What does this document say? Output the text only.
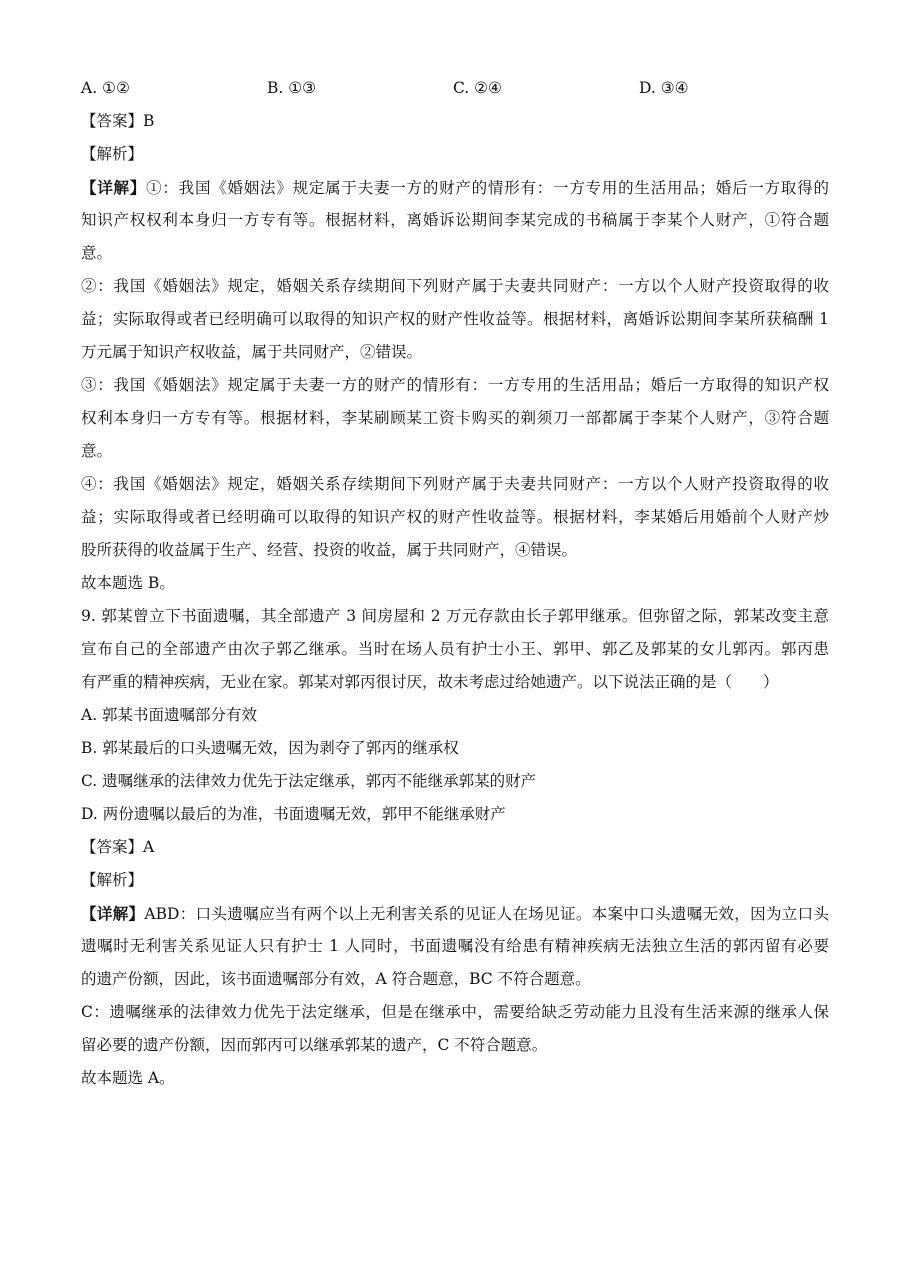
A. ①②	B. ①③	C. ②④	D. ③④
【答案】B
【解析】
【详解】①：我国《婚姻法》规定属于夫妻一方的财产的情形有：一方专用的生活用品；婚后一方取得的
知识产权权利本身归一方专有等。根据材料，离婚诉讼期间李某完成的书稿属于李某个人财产，①符合题
意。
②：我国《婚姻法》规定，婚姻关系存续期间下列财产属于夫妻共同财产：一方以个人财产投资取得的收
益；实际取得或者已经明确可以取得的知识产权的财产性收益等。根据材料，离婚诉讼期间李某所获稿酬 1
万元属于知识产权收益，属于共同财产，②错误。
③：我国《婚姻法》规定属于夫妻一方的财产的情形有：一方专用的生活用品；婚后一方取得的知识产权
权利本身归一方专有等。根据材料，李某刷顾某工资卡购买的剃须刀一部都属于李某个人财产，③符合题
意。
④：我国《婚姻法》规定，婚姻关系存续期间下列财产属于夫妻共同财产：一方以个人财产投资取得的收
益；实际取得或者已经明确可以取得的知识产权的财产性收益等。根据材料，李某婚后用婚前个人财产炒
股所获得的收益属于生产、经营、投资的收益，属于共同财产，④错误。
故本题选 B。
9. 郭某曾立下书面遗嘱，其全部遗产 3 间房屋和 2 万元存款由长子郭甲继承。但弥留之际，郭某改变主意
宣布自己的全部遗产由次子郭乙继承。当时在场人员有护士小王、郭甲、郭乙及郭某的女儿郭丙。郭丙患
有严重的精神疾病，无业在家。郭某对郭丙很讨厌，故未考虑过给她遗产。以下说法正确的是（　　）
A. 郭某书面遗嘱部分有效
B. 郭某最后的口头遗嘱无效，因为剥夺了郭丙的继承权
C. 遗嘱继承的法律效力优先于法定继承，郭丙不能继承郭某的财产
D. 两份遗嘱以最后的为准，书面遗嘱无效，郭甲不能继承财产
【答案】A
【解析】
【详解】ABD：口头遗嘱应当有两个以上无利害关系的见证人在场见证。本案中口头遗嘱无效，因为立口头
遗嘱时无利害关系见证人只有护士 1 人同时，书面遗嘱没有给患有精神疾病无法独立生活的郭丙留有必要
的遗产份额，因此，该书面遗嘱部分有效，A 符合题意，BC 不符合题意。
C：遗嘱继承的法律效力优先于法定继承，但是在继承中，需要给缺乏劳动能力且没有生活来源的继承人保
留必要的遗产份额，因而郭丙可以继承郭某的遗产，C 不符合题意。
故本题选 A。
